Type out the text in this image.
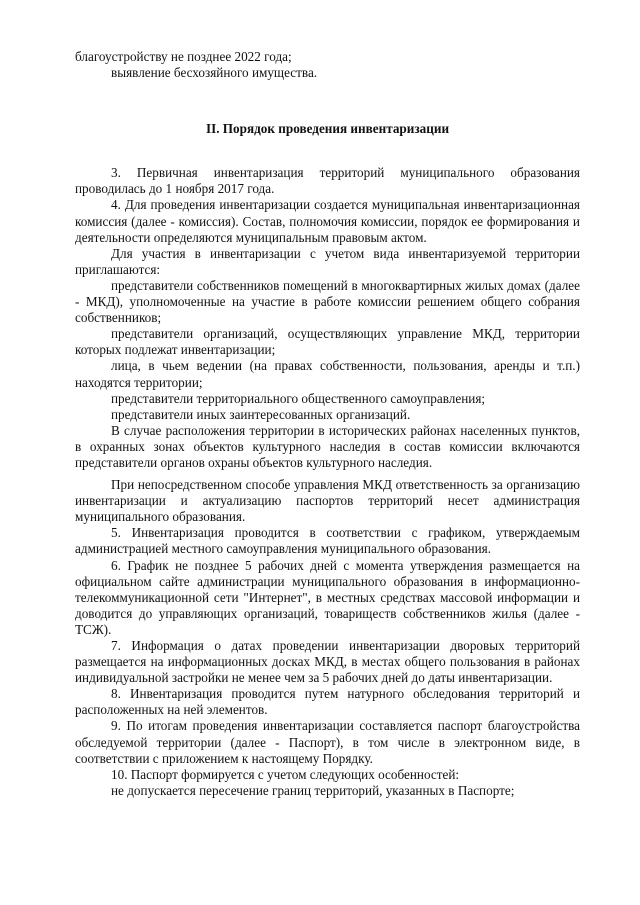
благоустройству не позднее 2022 года;

выявление бесхозяйного имущества.

II. Порядок проведения инвентаризации

3. Первичная инвентаризация территорий муниципального образования проводилась до 1 ноября 2017 года.

4. Для проведения инвентаризации создается муниципальная инвентаризационная комиссия (далее - комиссия). Состав, полномочия комиссии, порядок ее формирования и деятельности определяются муниципальным правовым актом.

Для участия в инвентаризации с учетом вида инвентаризуемой территории приглашаются:

представители собственников помещений в многоквартирных жилых домах (далее - МКД), уполномоченные на участие в работе комиссии решением общего собрания собственников;

представители организаций, осуществляющих управление МКД, территории которых подлежат инвентаризации;

лица, в чьем ведении (на правах собственности, пользования, аренды и т.п.) находятся территории;

представители территориального общественного самоуправления;

представители иных заинтересованных организаций.

В случае расположения территории в исторических районах населенных пунктов, в охранных зонах объектов культурного наследия в состав комиссии включаются представители органов охраны объектов культурного наследия.

При непосредственном способе управления МКД ответственность за организацию инвентаризации и актуализацию паспортов территорий несет администрация муниципального образования.

5. Инвентаризация проводится в соответствии с графиком, утверждаемым администрацией местного самоуправления муниципального образования.

6. График не позднее 5 рабочих дней с момента утверждения размещается на официальном сайте администрации муниципального образования в информационно-телекоммуникационной сети "Интернет", в местных средствах массовой информации и доводится до управляющих организаций, товариществ собственников жилья (далее - ТСЖ).

7. Информация о датах проведении инвентаризации дворовых территорий размещается на информационных досках МКД, в местах общего пользования в районах индивидуальной застройки не менее чем за 5 рабочих дней до даты инвентаризации.

8. Инвентаризация проводится путем натурного обследования территорий и расположенных на ней элементов.

9. По итогам проведения инвентаризации составляется паспорт благоустройства обследуемой территории (далее - Паспорт), в том числе в электронном виде, в соответствии с приложением к настоящему Порядку.

10. Паспорт формируется с учетом следующих особенностей:

не допускается пересечение границ территорий, указанных в Паспорте;
